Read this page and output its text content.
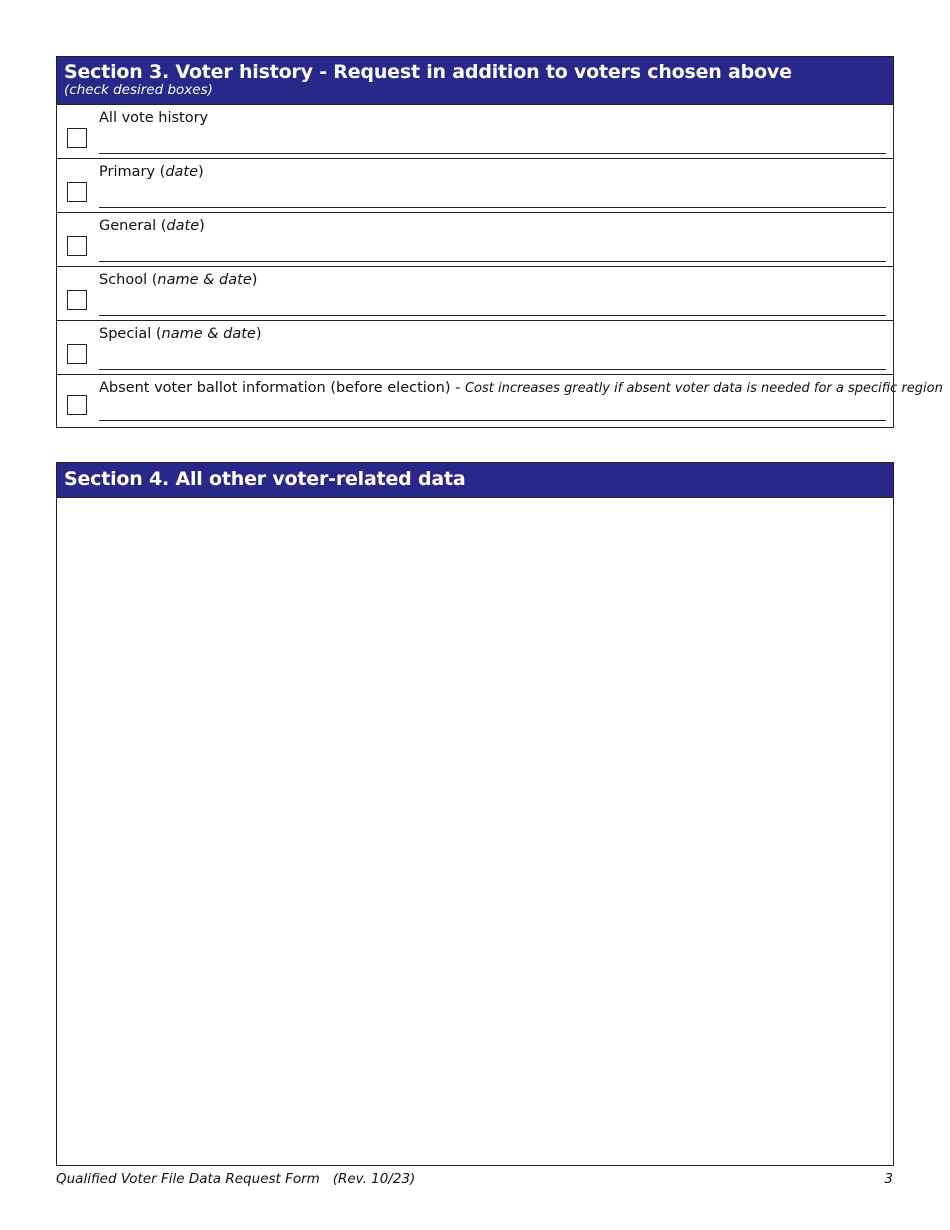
Section 3. Voter history - Request in addition to voters chosen above
(check desired boxes)
All vote history
Primary (date)
General (date)
School (name & date)
Special (name & date)
Absent voter ballot information (before election) - Cost increases greatly if absent voter data is needed for a specific region
Section 4. All other voter-related data
Qualified Voter File Data Request Form   (Rev. 10/23)	3
